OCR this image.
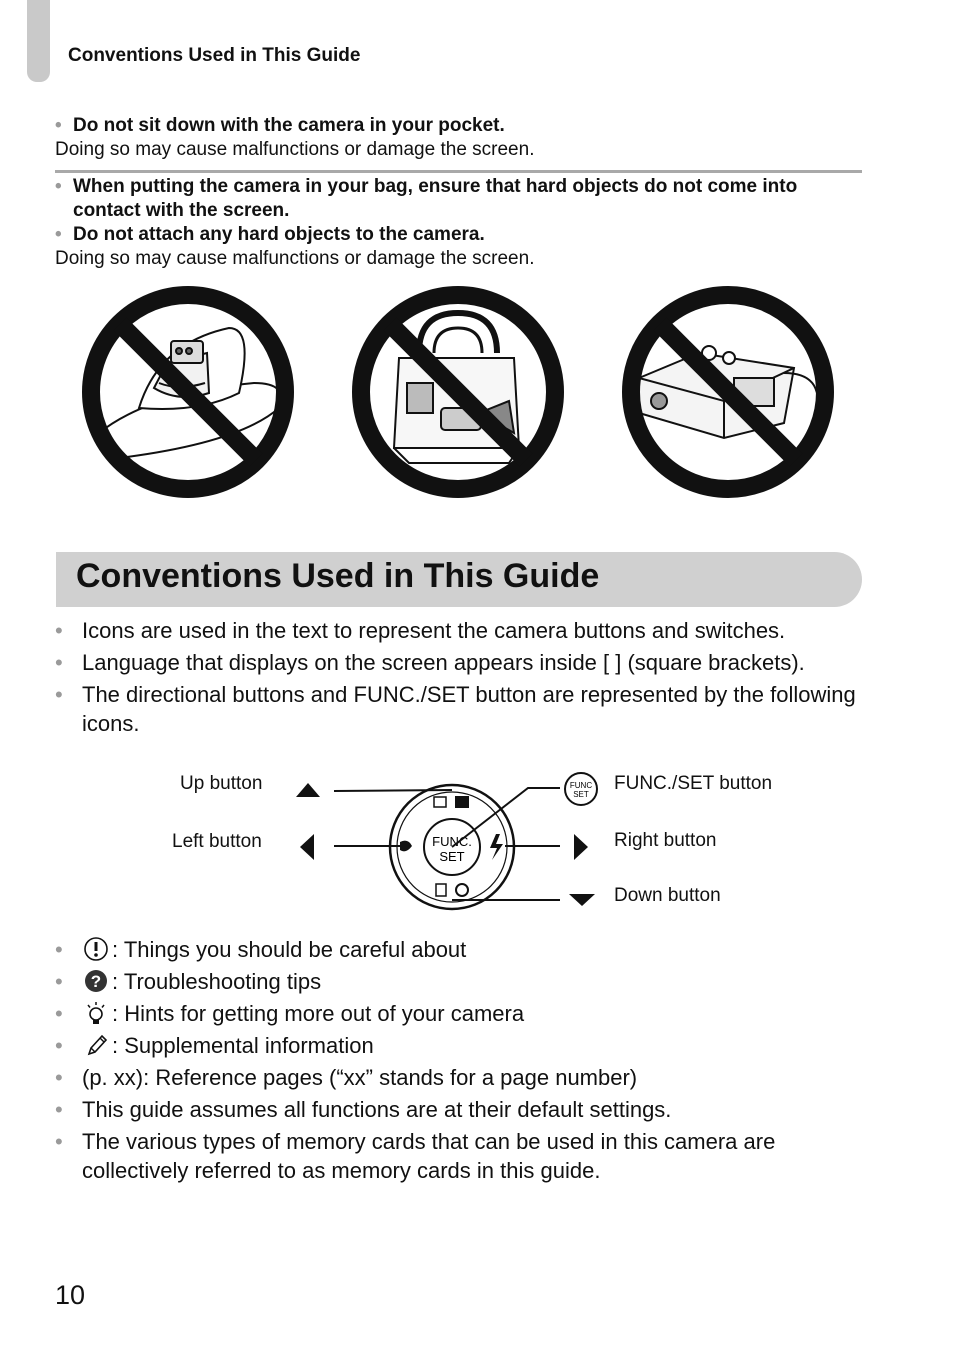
Conventions Used in This Guide
• Do not sit down with the camera in your pocket.
Doing so may cause malfunctions or damage the screen.
• When putting the camera in your bag, ensure that hard objects do not come into contact with the screen.
• Do not attach any hard objects to the camera.
Doing so may cause malfunctions or damage the screen.
Conventions Used in This Guide
• Icons are used in the text to represent the camera buttons and switches.
• Language that displays on the screen appears inside [ ] (square brackets).
• The directional buttons and FUNC./SET button are represented by the following icons.
FUNC.
SET
FUNC
SET
Up button
Left button
FUNC./SET button
Right button
Down button
• : Things you should be careful about
• ? : Troubleshooting tips
• : Hints for getting more out of your camera
• : Supplemental information
• (p. xx): Reference pages (“xx” stands for a page number)
• This guide assumes all functions are at their default settings.
• The various types of memory cards that can be used in this camera are collectively referred to as memory cards in this guide.
10
